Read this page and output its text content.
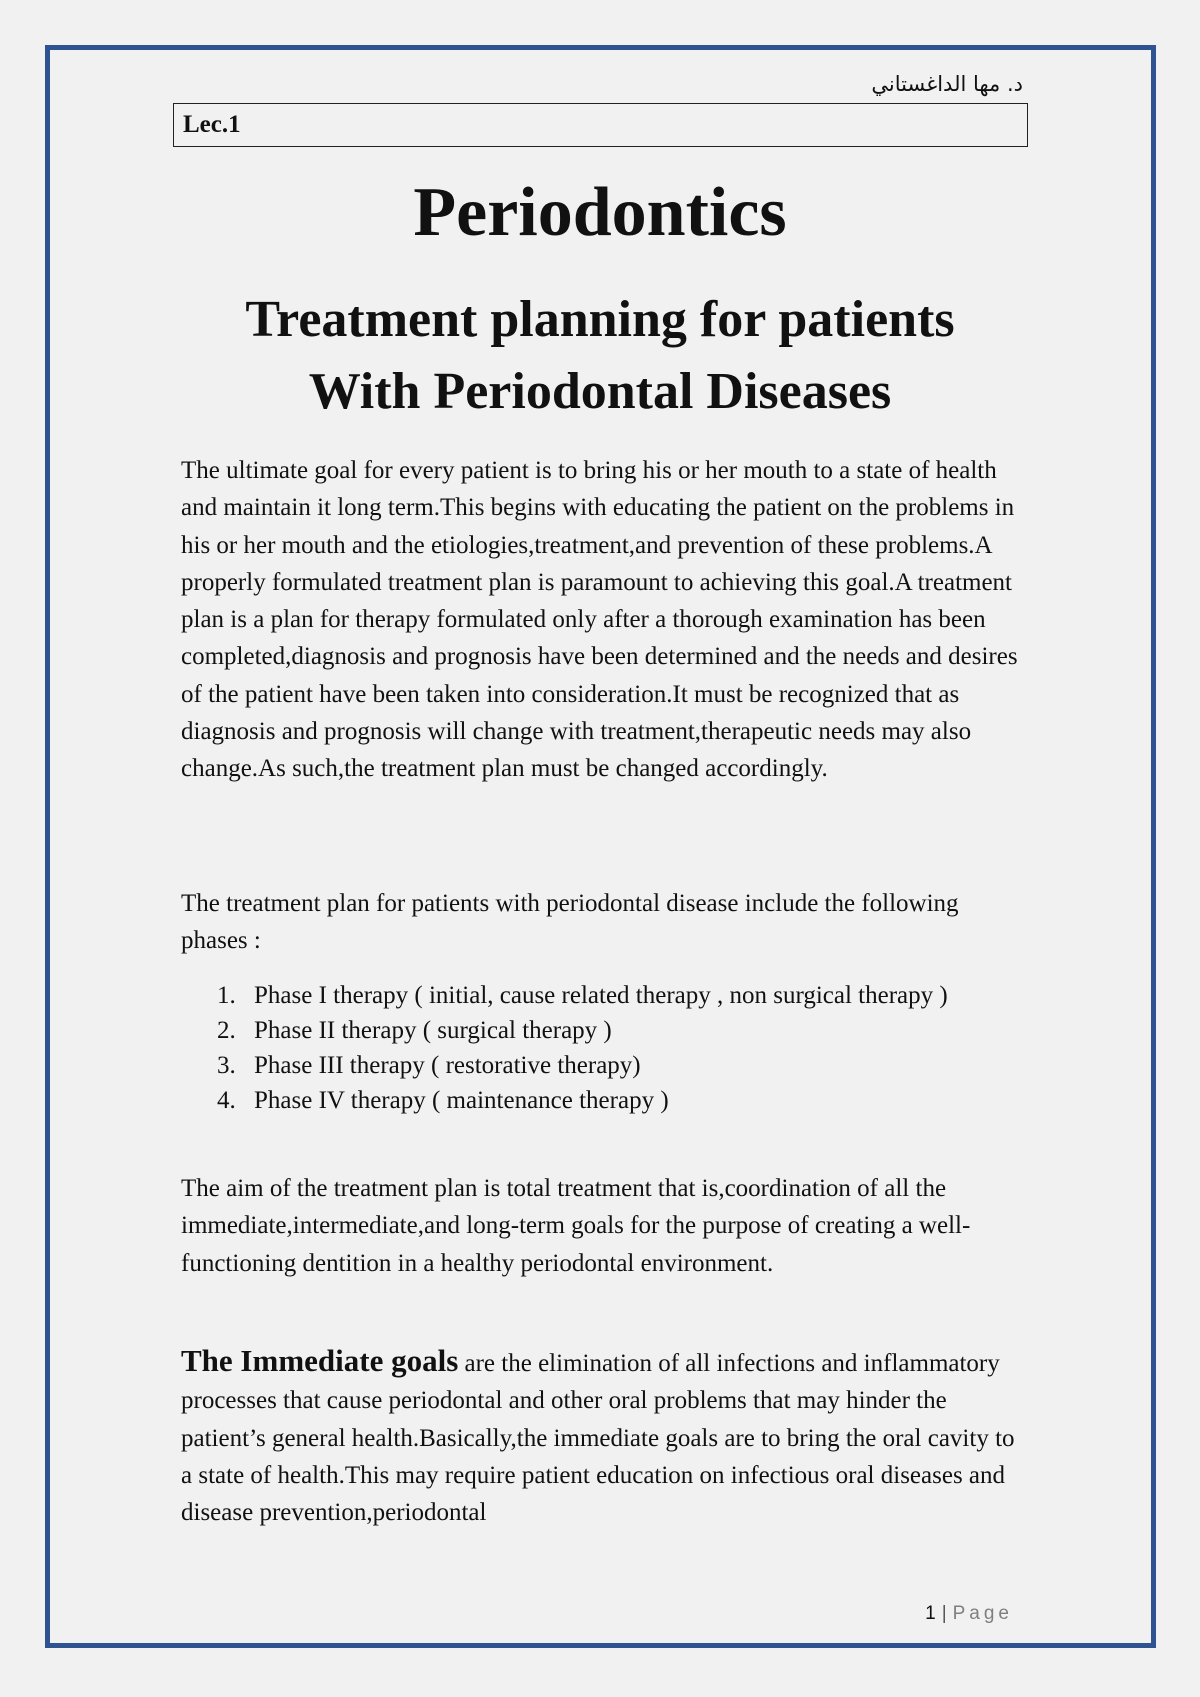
د. مها الداغستاني
Lec.1
Periodontics
Treatment planning for patients
With Periodontal Diseases
The ultimate goal for every patient is to bring his or her mouth to a state of health and maintain it long term.This begins with educating the patient on the problems in his or her mouth and the etiologies,treatment,and prevention of these problems.A properly formulated treatment plan is paramount to achieving this goal.A treatment plan is a plan for therapy formulated only after a thorough examination has been completed,diagnosis and prognosis have been determined and the needs and desires of the patient have been taken into consideration.It must be recognized that as diagnosis and prognosis will change with treatment,therapeutic needs may also change.As such,the treatment plan must be changed accordingly.
The treatment plan for patients with periodontal disease include the following phases :
1. Phase I therapy ( initial, cause related therapy , non surgical therapy )
2. Phase II therapy ( surgical therapy )
3. Phase III therapy ( restorative therapy)
4. Phase IV therapy ( maintenance therapy )
The aim of the treatment plan is total treatment that is,coordination of all the immediate,intermediate,and long-term goals for the purpose of creating a well-functioning dentition in a healthy periodontal environment.
The Immediate goals are the elimination of all infections and inflammatory processes that cause periodontal and other oral problems that may hinder the patient’s general health.Basically,the immediate goals are to bring the oral cavity to a state of health.This may require patient education on infectious oral diseases and disease prevention,periodontal
1 | Page
